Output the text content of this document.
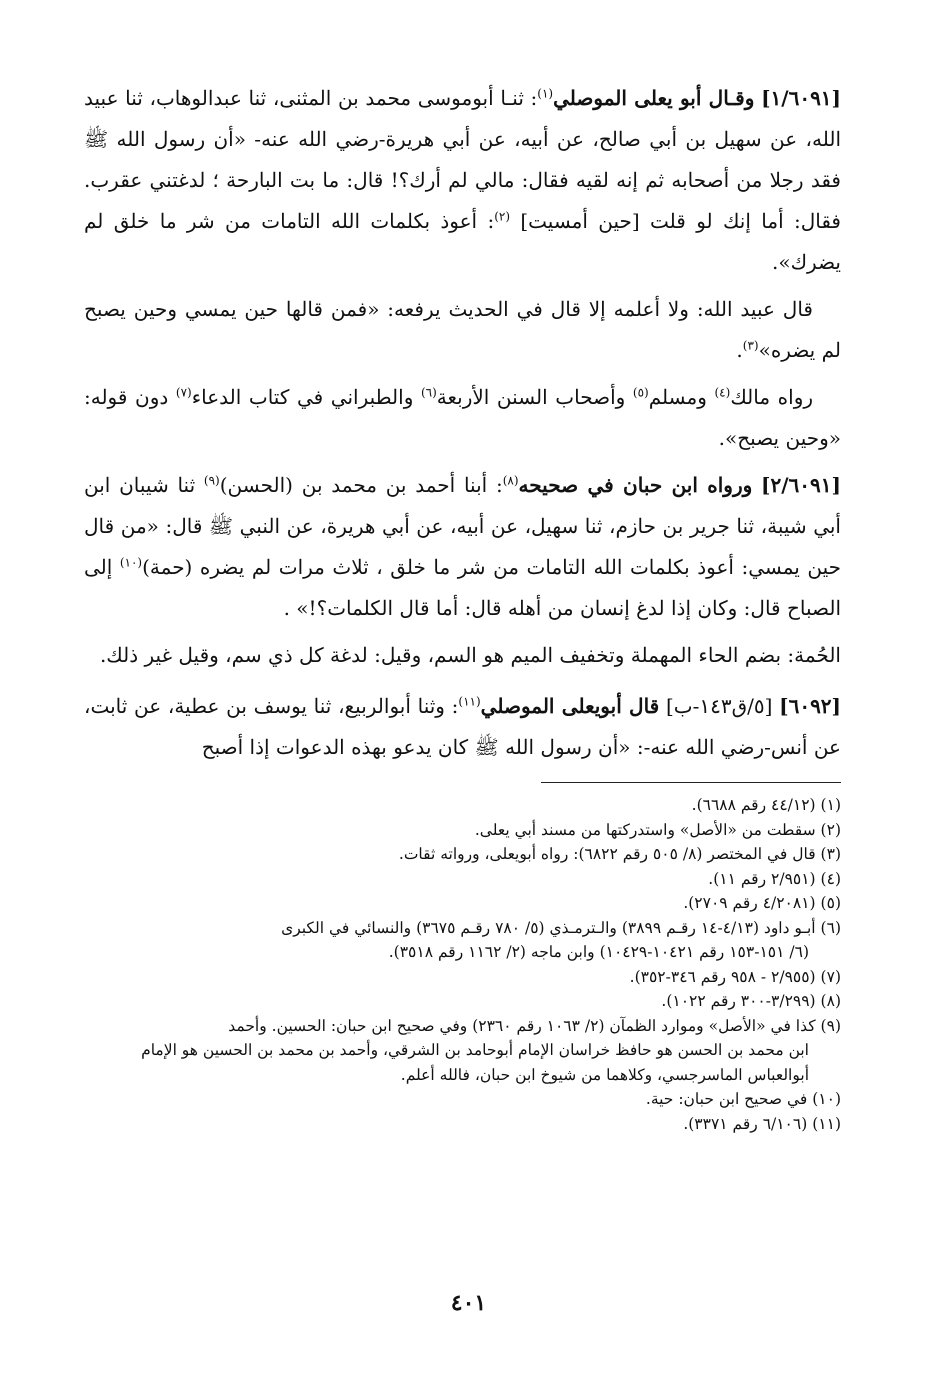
[١/٦٠٩١] وقـال أبو يعلى الموصلي$^{(١)}$: ثنـا أبوموسى محمد بن المثنى، ثنا عبدالوهاب، ثنا عبيد الله، عن سهيل بن أبي صالح، عن أبيه، عن أبي هريرة-رضي الله عنه- «أن رسول الله ﷺ فقد رجلا من أصحابه ثم إنه لقيه فقال: مالي لم أرك؟! قال: ما بت البارحة ؛ لدغتني عقرب. فقال: أما إنك لو قلت [حين أمسيت] $^{(٢)}$: أعوذ بكلمات الله التامات من شر ما خلق لم يضرك».

قال عبيد الله: ولا أعلمه إلا قال في الحديث يرفعه: «فمن قالها حين يمسي وحين يصبح لم يضره»$^{(٣)}$.

رواه مالك$^{(٤)}$ ومسلم$^{(٥)}$ وأصحاب السنن الأربعة$^{(٦)}$ والطبراني في كتاب الدعاء$^{(٧)}$ دون قوله: «وحين يصبح».

[٢/٦٠٩١] ورواه ابن حبان في صحيحه$^{(٨)}$: أبنا أحمد بن محمد بن (الحسن)$^{(٩)}$ ثنا شيبان ابن أبي شيبة، ثنا جرير بن حازم، ثنا سهيل، عن أبيه، عن أبي هريرة، عن النبي ﷺ قال: «من قال حين يمسي: أعوذ بكلمات الله التامات من شر ما خلق ، ثلاث مرات لم يضره (حمة)$^{(١٠)}$ إلى الصباح قال: وكان إذا لدغ إنسان من أهله قال: أما قال الكلمات؟!» .

الحُمة: بضم الحاء المهملة وتخفيف الميم هو السم، وقيل: لدغة كل ذي سم، وقيل غير ذلك.

[٦٠٩٢] [٥/ق١٤٣-ب] قال أبويعلى الموصلي$^{(١١)}$: وثنا أبوالربيع، ثنا يوسف بن عطية، عن ثابت، عن أنس-رضي الله عنه-: «أن رسول الله ﷺ كان يدعو بهذه الدعوات إذا أصبح

(١) (٤٤/١٢ رقم ٦٦٨٨).

(٢) سقطت من «الأصل» واستدركتها من مسند أبي يعلى.

(٣) قال في المختصر (٨/ ٥٠٥ رقم ٦٨٢٢): رواه أبويعلى، ورواته ثقات.

(٤) (٢/٩٥١ رقم ١١).

(٥) (٤/٢٠٨١ رقم ٢٧٠٩).

(٦) أبـو داود (٤/١٣-١٤ رقـم ٣٨٩٩) والـترمـذي (٥/ ٧٨٠ رقـم ٣٦٧٥) والنسائي في الكبرى
(٦/ ١٥١-١٥٣ رقم ١٠٤٢١-١٠٤٢٩) وابن ماجه (٢/ ١١٦٢ رقم ٣٥١٨).

(٧) (٢/٩٥٥ - ٩٥٨ رقم ٣٤٦-٣٥٢).

(٨) (٣/٢٩٩-٣٠٠ رقم ١٠٢٢).

(٩) كذا في «الأصل» وموارد الظمآن (٢/ ١٠٦٣ رقم ٢٣٦٠) وفي صحيح ابن حبان: الحسين. وأحمد
ابن محمد بن الحسن هو حافظ خراسان الإمام أبوحامد بن الشرقي، وأحمد بن محمد بن الحسين هو الإمام أبوالعباس الماسرجسي، وكلاهما من شيوخ ابن حبان، فالله أعلم.

(١٠) في صحيح ابن حبان: حية.

(١١) (٦/١٠٦ رقم ٣٣٧١).

٤٠١
